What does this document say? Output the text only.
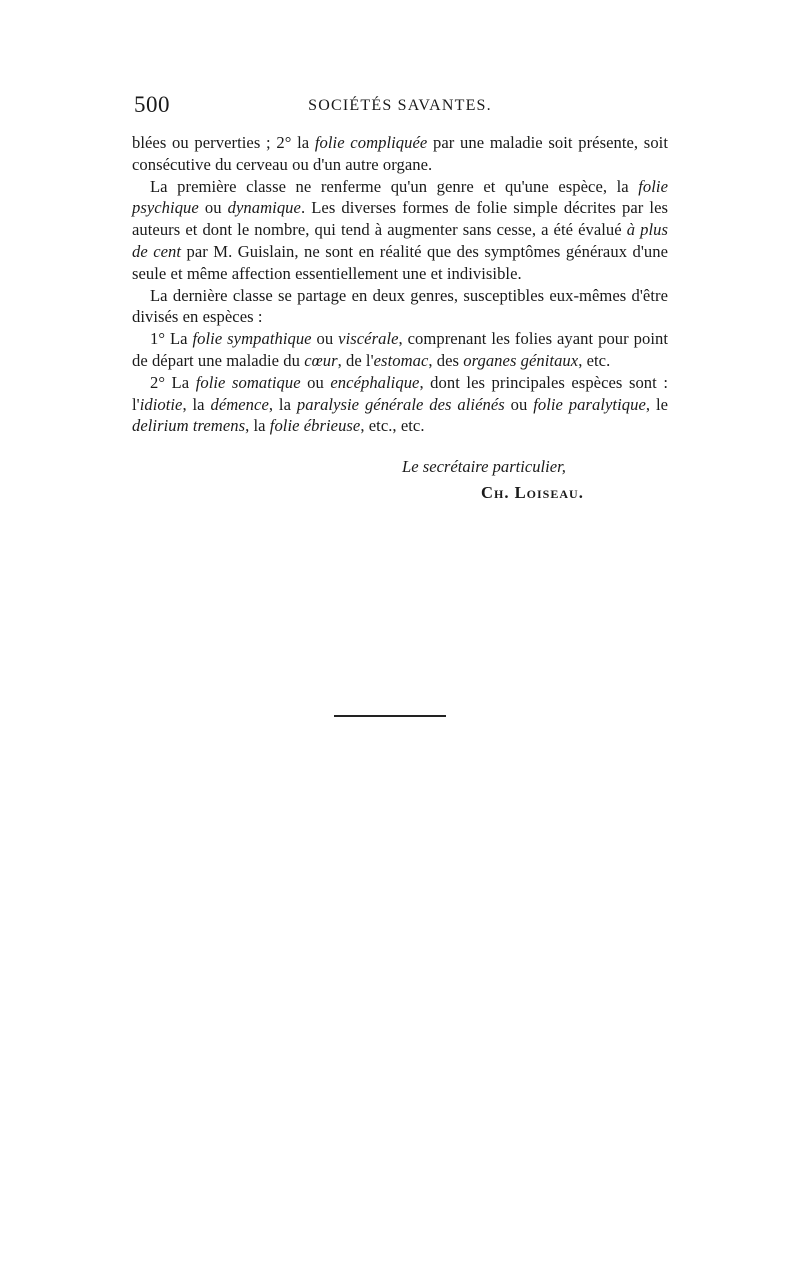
500	SOCIÉTÉS SAVANTES.

blées ou perverties ; 2° la folie compliquée par une maladie soit présente, soit consécutive du cerveau ou d'un autre organe.

La première classe ne renferme qu'un genre et qu'une espèce, la folie psychique ou dynamique. Les diverses formes de folie simple décrites par les auteurs et dont le nombre, qui tend à augmenter sans cesse, a été évalué à plus de cent par M. Guislain, ne sont en réalité que des symptômes généraux d'une seule et même affection essentiellement une et indivisible.

La dernière classe se partage en deux genres, susceptibles eux-mêmes d'être divisés en espèces :

1° La folie sympathique ou viscérale, comprenant les folies ayant pour point de départ une maladie du cœur, de l'estomac, des organes génitaux, etc.

2° La folie somatique ou encéphalique, dont les principales espèces sont : l'idiotie, la démence, la paralysie générale des aliénés ou folie paralytique, le delirium tremens, la folie ébrieuse, etc., etc.

Le secrétaire particulier,
Ch. Loiseau.
